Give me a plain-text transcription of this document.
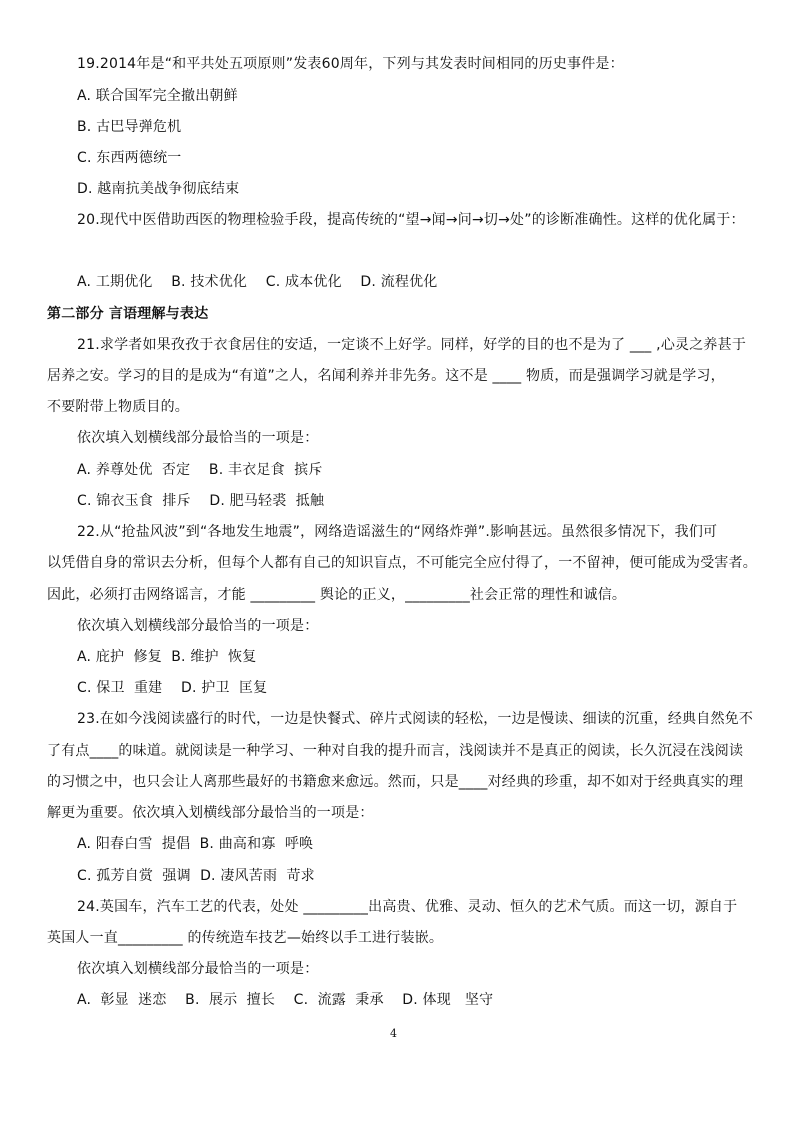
19.2014年是“和平共处五项原则”发表60周年，下列与其发表时间相同的历史事件是：
A. 联合国军完全撤出朝鲜
B. 古巴导弹危机
C. 东西两德统一
D. 越南抗美战争彻底结束
20.现代中医借助西医的物理检验手段，提高传统的“望→闻→问→切→处”的诊断准确性。这样的优化属于：
A. 工期优化    B. 技术优化    C. 成本优化    D. 流程优化
第二部分 言语理解与表达
21.求学者如果孜孜于衣食居住的安适，一定谈不上好学。同样，好学的目的也不是为了 ___ ,心灵之养甚于
居养之安。学习的目的是成为“有道”之人，名闻利养并非先务。这不是 ____ 物质，而是强调学习就是学习，
不要附带上物质目的。
依次填入划横线部分最恰当的一项是：
A. 养尊处优  否定    B. 丰衣足食  摈斥
C. 锦衣玉食  排斥    D. 肥马轻裘  抵触
22.从“抢盐风波”到“各地发生地震”，网络造谣滋生的“网络炸弹”.影响甚远。虽然很多情况下，我们可
以凭借自身的常识去分析，但每个人都有自己的知识盲点，不可能完全应付得了，一不留神，便可能成为受害者。
因此，必须打击网络谣言，才能 _________ 舆论的正义，_________社会正常的理性和诚信。
依次填入划横线部分最恰当的一项是：
A. 庇护  修复  B. 维护  恢复
C. 保卫  重建    D. 护卫  匡复
23.在如今浅阅读盛行的时代，一边是快餐式、碎片式阅读的轻松，一边是慢读、细读的沉重，经典自然免不
了有点____的味道。就阅读是一种学习、一种对自我的提升而言，浅阅读并不是真正的阅读，长久沉浸在浅阅读
的习惯之中，也只会让人离那些最好的书籍愈来愈远。然而，只是____对经典的珍重，却不如对于经典真实的理
解更为重要。依次填入划横线部分最恰当的一项是：
A. 阳春白雪  提倡  B. 曲高和寡  呼唤
C. 孤芳自赏  强调  D. 凄风苦雨  苛求
24.英国车，汽车工艺的代表，处处 _________出高贵、优雅、灵动、恒久的艺术气质。而这一切，源自于
英国人一直_________ 的传统造车技艺—始终以手工进行装嵌。
依次填入划横线部分最恰当的一项是：
A.  彰显  迷恋    B.  展示  擅长    C.  流露  秉承    D. 体现   坚守
4
